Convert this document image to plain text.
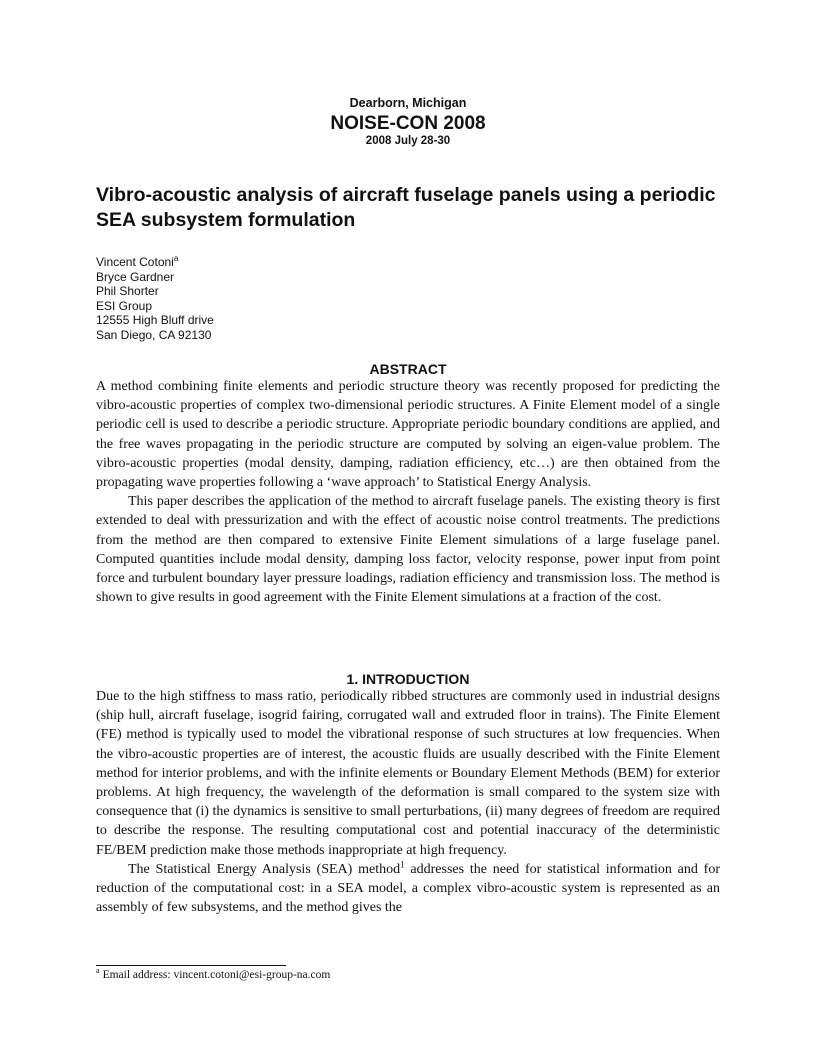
Dearborn, Michigan
NOISE-CON 2008
2008 July 28-30
Vibro-acoustic analysis of aircraft fuselage panels using a periodic SEA subsystem formulation
Vincent Cotoni$^a$
Bryce Gardner
Phil Shorter
ESI Group
12555 High Bluff drive
San Diego, CA 92130
ABSTRACT

A method combining finite elements and periodic structure theory was recently proposed for predicting the vibro-acoustic properties of complex two-dimensional periodic structures. A Finite Element model of a single periodic cell is used to describe a periodic structure. Appropriate periodic boundary conditions are applied, and the free waves propagating in the periodic structure are computed by solving an eigen-value problem. The vibro-acoustic properties (modal density, damping, radiation efficiency, etc…) are then obtained from the propagating wave properties following a ‘wave approach’ to Statistical Energy Analysis.

This paper describes the application of the method to aircraft fuselage panels. The existing theory is first extended to deal with pressurization and with the effect of acoustic noise control treatments. The predictions from the method are then compared to extensive Finite Element simulations of a large fuselage panel. Computed quantities include modal density, damping loss factor, velocity response, power input from point force and turbulent boundary layer pressure loadings, radiation efficiency and transmission loss. The method is shown to give results in good agreement with the Finite Element simulations at a fraction of the cost.

1. INTRODUCTION

Due to the high stiffness to mass ratio, periodically ribbed structures are commonly used in industrial designs (ship hull, aircraft fuselage, isogrid fairing, corrugated wall and extruded floor in trains). The Finite Element (FE) method is typically used to model the vibrational response of such structures at low frequencies. When the vibro-acoustic properties are of interest, the acoustic fluids are usually described with the Finite Element method for interior problems, and with the infinite elements or Boundary Element Methods (BEM) for exterior problems. At high frequency, the wavelength of the deformation is small compared to the system size with consequence that (i) the dynamics is sensitive to small perturbations, (ii) many degrees of freedom are required to describe the response. The resulting computational cost and potential inaccuracy of the deterministic FE/BEM prediction make those methods inappropriate at high frequency.

The Statistical Energy Analysis (SEA) method$^1$ addresses the need for statistical information and for reduction of the computational cost: in a SEA model, a complex vibro-acoustic system is represented as an assembly of few subsystems, and the method gives the

$^a$ Email address: vincent.cotoni@esi-group-na.com
